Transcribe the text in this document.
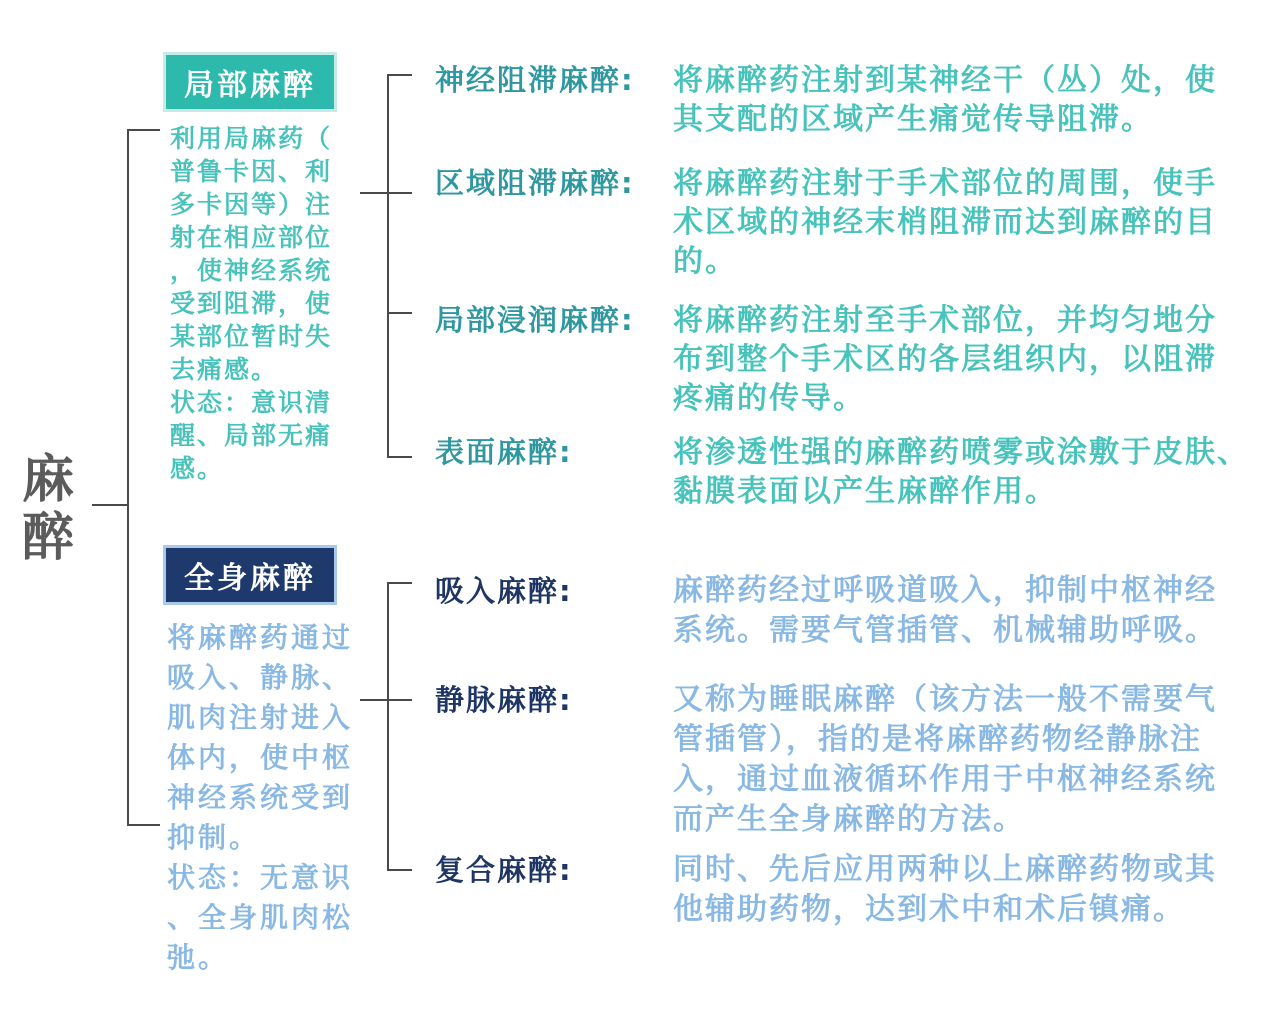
麻
醉
局部麻醉
利用局麻药（
普鲁卡因、利
多卡因等）注
射在相应部位
，使神经系统
受到阻滞，使
某部位暂时失
去痛感。
状态：意识清
醒、局部无痛
感。
神经阻滞麻醉: 将麻醉药注射到某神经干（丛）处，使
其支配的区域产生痛觉传导阻滞。
区域阻滞麻醉: 将麻醉药注射于手术部位的周围，使手
术区域的神经末梢阻滞而达到麻醉的目
的。
局部浸润麻醉: 将麻醉药注射至手术部位，并均匀地分
布到整个手术区的各层组织内，以阻滞
疼痛的传导。
表面麻醉:	将渗透性强的麻醉药喷雾或涂敷于皮肤、
黏膜表面以产生麻醉作用。
全身麻醉
将麻醉药通过
吸入、静脉、
肌肉注射进入
体内，使中枢
神经系统受到
抑制。
状态：无意识
、全身肌肉松
弛。
吸入麻醉:	麻醉药经过呼吸道吸入，抑制中枢神经
系统。需要气管插管、机械辅助呼吸。
静脉麻醉:	又称为睡眠麻醉（该方法一般不需要气
管插管），指的是将麻醉药物经静脉注
入，通过血液循环作用于中枢神经系统
而产生全身麻醉的方法。
复合麻醉:	同时、先后应用两种以上麻醉药物或其
他辅助药物，达到术中和术后镇痛。
